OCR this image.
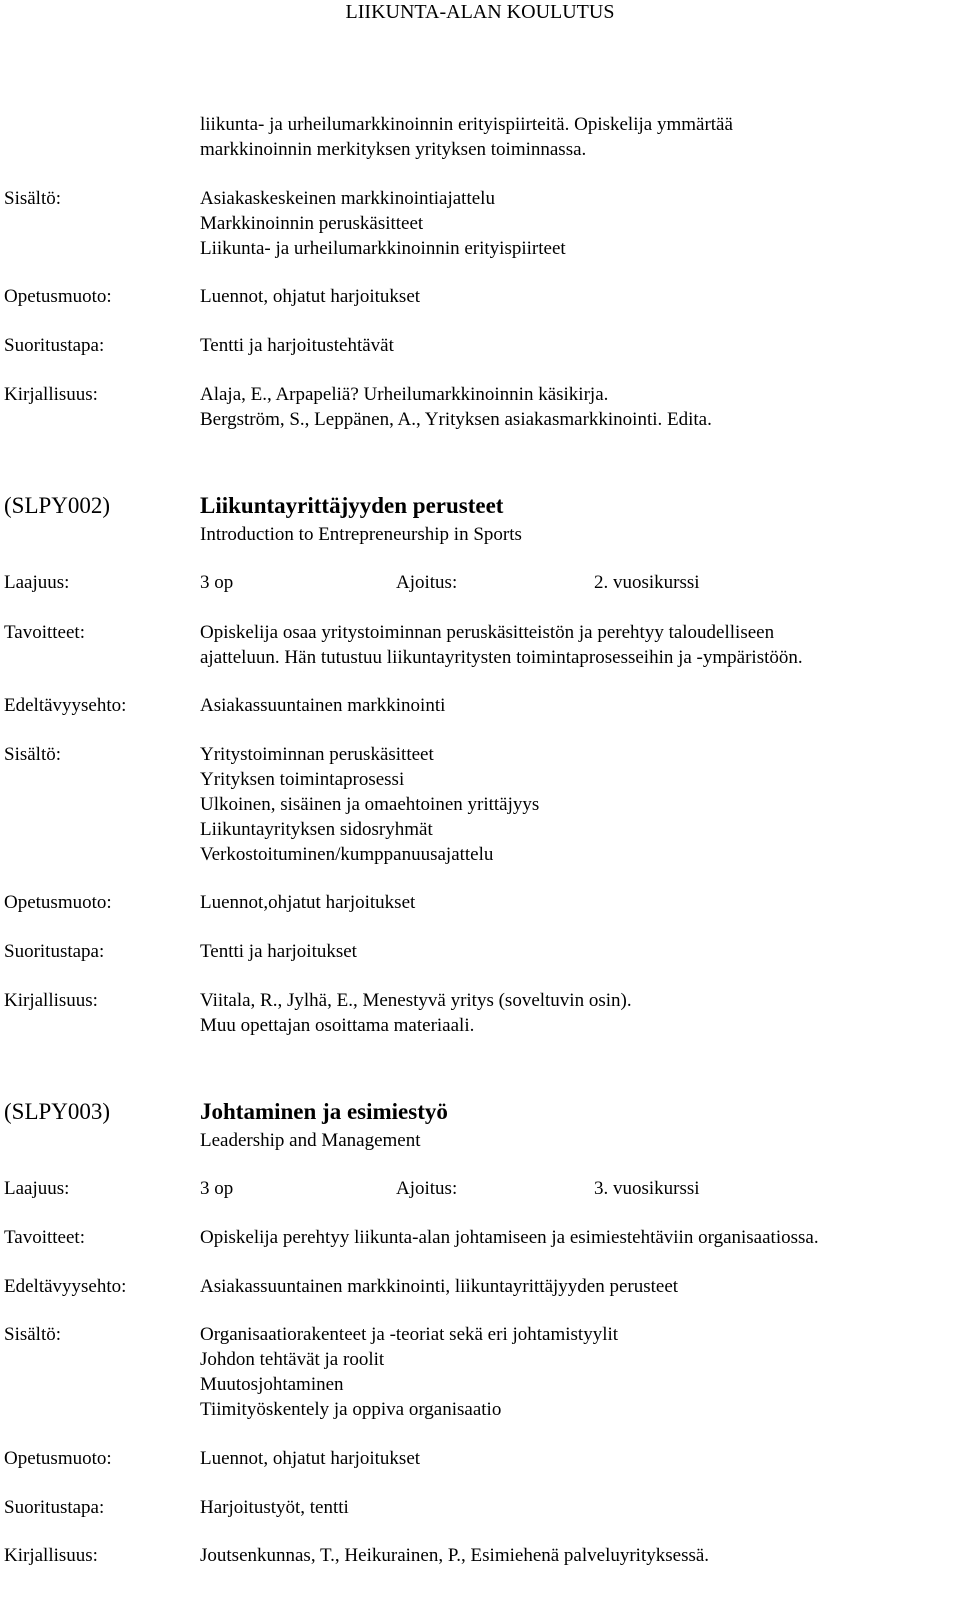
LIIKUNTA-ALAN KOULUTUS
liikunta- ja urheilumarkkinoinnin erityispiirteitä. Opiskelija ymmärtää
markkinoinnin merkityksen yrityksen toiminnassa.
Sisältö:	Asiakaskeskeinen markkinointiajattelu
Markkinoinnin peruskäsitteet
Liikunta- ja urheilumarkkinoinnin erityispiirteet
Opetusmuoto:	Luennot, ohjatut harjoitukset
Suoritustapa:	Tentti ja harjoitustehtävät
Kirjallisuus:	Alaja, E., Arpapeliä? Urheilumarkkinoinnin käsikirja.
Bergström, S., Leppänen, A., Yrityksen asiakasmarkkinointi. Edita.
(SLPY002)	Liikuntayrittäjyyden perusteet
Introduction to Entrepreneurship in Sports
Laajuus:	3 op	Ajoitus:	2. vuosikurssi
Tavoitteet:	Opiskelija osaa yritystoiminnan peruskäsitteistön ja perehtyy taloudelliseen
ajatteluun. Hän tutustuu liikuntayritysten toimintaprosesseihin ja -ympäristöön.
Edeltävyysehto:	Asiakassuuntainen markkinointi
Sisältö:	Yritystoiminnan peruskäsitteet
Yrityksen toimintaprosessi
Ulkoinen, sisäinen ja omaehtoinen yrittäjyys
Liikuntayrityksen sidosryhmät
Verkostoituminen/kumppanuusajattelu
Opetusmuoto:	Luennot,ohjatut harjoitukset
Suoritustapa:	Tentti ja harjoitukset
Kirjallisuus:	Viitala, R., Jylhä, E., Menestyvä yritys (soveltuvin osin).
Muu opettajan osoittama materiaali.
(SLPY003)	Johtaminen ja esimiestyö
Leadership and Management
Laajuus:	3 op	Ajoitus:	3. vuosikurssi
Tavoitteet:	Opiskelija perehtyy liikunta-alan johtamiseen ja esimiestehtäviin organisaatiossa.
Edeltävyysehto:	Asiakassuuntainen markkinointi, liikuntayrittäjyyden perusteet
Sisältö:	Organisaatiorakenteet ja -teoriat sekä eri johtamistyylit
Johdon tehtävät ja roolit
Muutosjohtaminen
Tiimityöskentely ja oppiva organisaatio
Opetusmuoto:	Luennot, ohjatut harjoitukset
Suoritustapa:	Harjoitustyöt, tentti
Kirjallisuus:	Joutsenkunnas, T., Heikurainen, P., Esimiehenä palveluyrityksessä.
